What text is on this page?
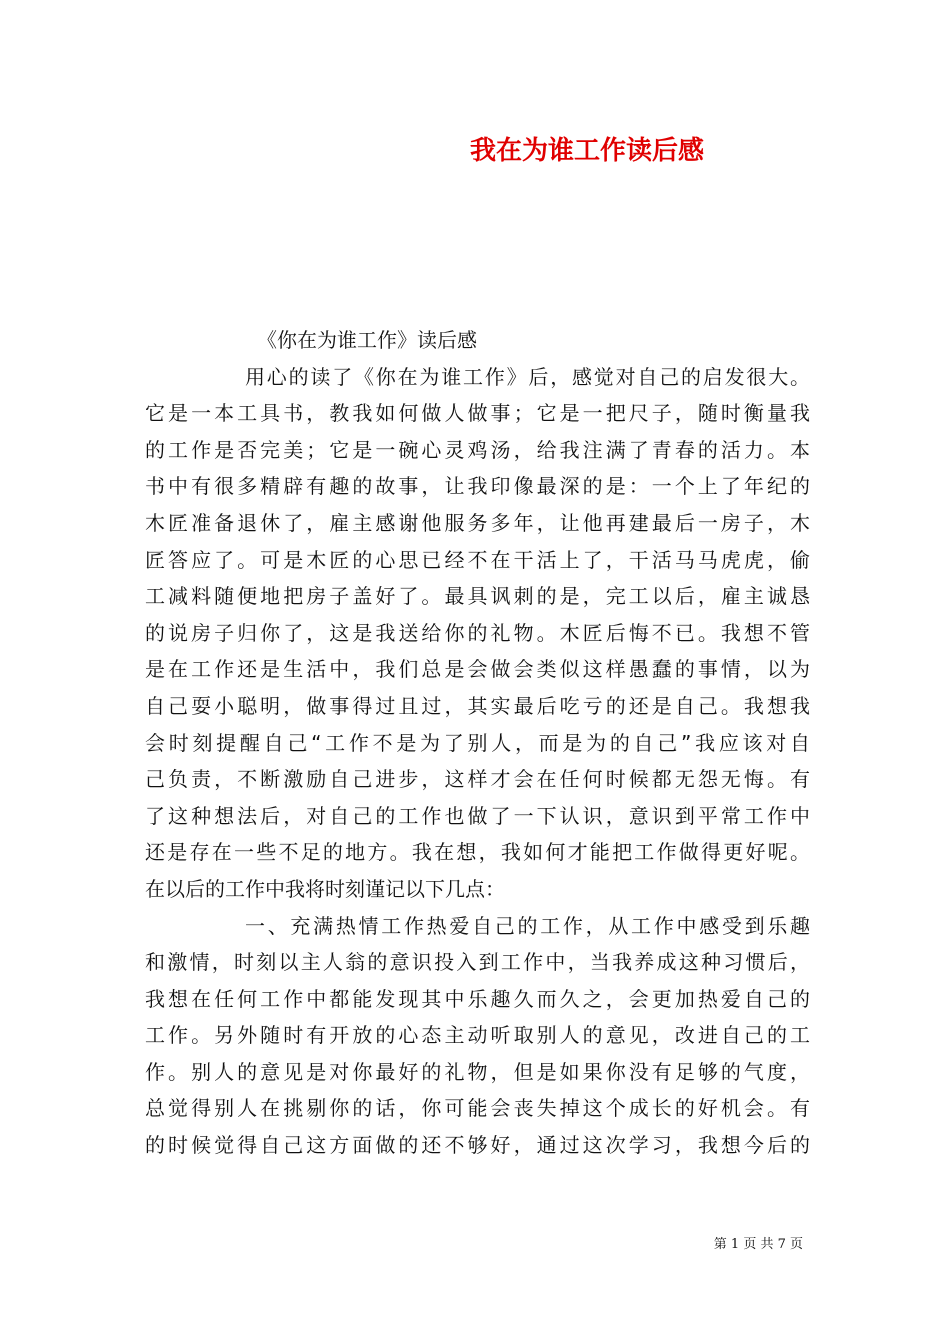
我在为谁工作读后感
《你在为谁工作》读后感
用心的读了《你在为谁工作》后，感觉对自己的启发很大。
它是一本工具书，教我如何做人做事；它是一把尺子，随时衡量我
的工作是否完美；它是一碗心灵鸡汤，给我注满了青春的活力。本
书中有很多精辟有趣的故事，让我印像最深的是：一个上了年纪的
木匠准备退休了，雇主感谢他服务多年，让他再建最后一房子，木
匠答应了。可是木匠的心思已经不在干活上了，干活马马虎虎，偷
工减料随便地把房子盖好了。最具讽刺的是，完工以后，雇主诚恳
的说房子归你了，这是我送给你的礼物。木匠后悔不已。我想不管
是在工作还是生活中，我们总是会做会类似这样愚蠢的事情，以为
自己耍小聪明，做事得过且过，其实最后吃亏的还是自己。我想我
会时刻提醒自己“工作不是为了别人，而是为的自己”我应该对自
己负责，不断激励自己进步，这样才会在任何时候都无怨无悔。有
了这种想法后，对自己的工作也做了一下认识，意识到平常工作中
还是存在一些不足的地方。我在想，我如何才能把工作做得更好呢。
在以后的工作中我将时刻谨记以下几点：
一、充满热情工作热爱自己的工作，从工作中感受到乐趣
和激情，时刻以主人翁的意识投入到工作中，当我养成这种习惯后，
我想在任何工作中都能发现其中乐趣久而久之，会更加热爱自己的
工作。另外随时有开放的心态主动听取别人的意见，改进自己的工
作。别人的意见是对你最好的礼物，但是如果你没有足够的气度，
总觉得别人在挑剔你的话，你可能会丧失掉这个成长的好机会。有
的时候觉得自己这方面做的还不够好，通过这次学习，我想今后的
第 1 页 共 7 页
